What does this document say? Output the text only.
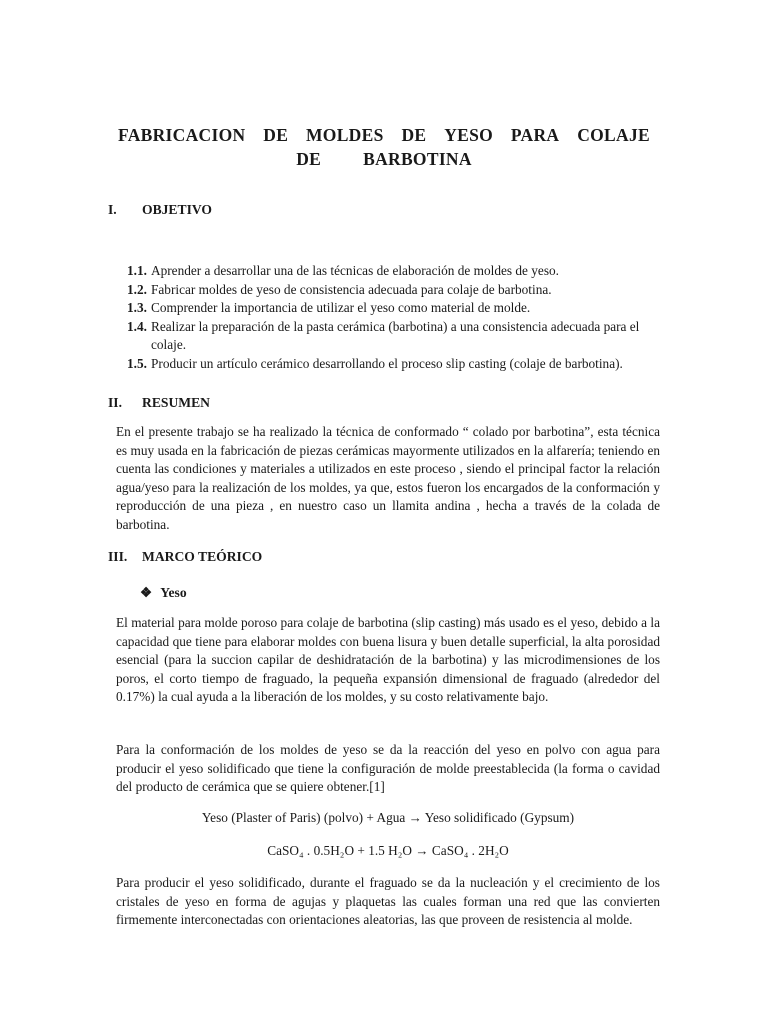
FABRICACION DE MOLDES DE YESO PARA COLAJE
DE BARBOTINA
I. OBJETIVO
1.1. Aprender a desarrollar una de las técnicas de elaboración de moldes de yeso.
1.2. Fabricar moldes de yeso de consistencia adecuada para colaje de barbotina.
1.3. Comprender la importancia de utilizar el yeso como material de molde.
1.4. Realizar la preparación de la pasta cerámica (barbotina) a una consistencia adecuada para el colaje.
1.5. Producir un artículo cerámico desarrollando el proceso slip casting (colaje de barbotina).
II. RESUMEN

En el presente trabajo se ha realizado la técnica de conformado “ colado por barbotina”, esta técnica es muy usada en la fabricación de piezas cerámicas mayormente utilizados en la alfarería; teniendo en cuenta las condiciones y materiales a utilizados en este proceso , siendo el principal factor la relación agua/yeso para la realización de los moldes, ya que, estos fueron los encargados de la conformación y reproducción de una pieza , en nuestro caso un llamita andina , hecha a través de la colada de barbotina.

III. MARCO TEÓRICO
❖ Yeso

El material para molde poroso para colaje de barbotina (slip casting) más usado es el yeso, debido a la capacidad que tiene para elaborar moldes con buena lisura y buen detalle superficial, la alta porosidad esencial (para la succion capilar de deshidratación de la barbotina) y las microdimensiones de los poros, el corto tiempo de fraguado, la pequeña expansión dimensional de fraguado (alrededor del 0.17%) la cual ayuda a la liberación de los moldes, y su costo relativamente bajo.

Para la conformación de los moldes de yeso se da la reacción del yeso en polvo con agua para producir el yeso solidificado que tiene la configuración de molde preestablecida (la forma o cavidad del producto de cerámica que se quiere obtener.[1]

Yeso (Plaster of Paris) (polvo) + Agua → Yeso solidificado (Gypsum)
CaSO₄ . 0.5H₂O + 1.5 H₂O → CaSO₄ . 2H₂O

Para producir el yeso solidificado, durante el fraguado se da la nucleación y el crecimiento de los cristales de yeso en forma de agujas y plaquetas las cuales forman una red que las convierten firmemente interconectadas con orientaciones aleatorias, las que proveen de resistencia al molde.
